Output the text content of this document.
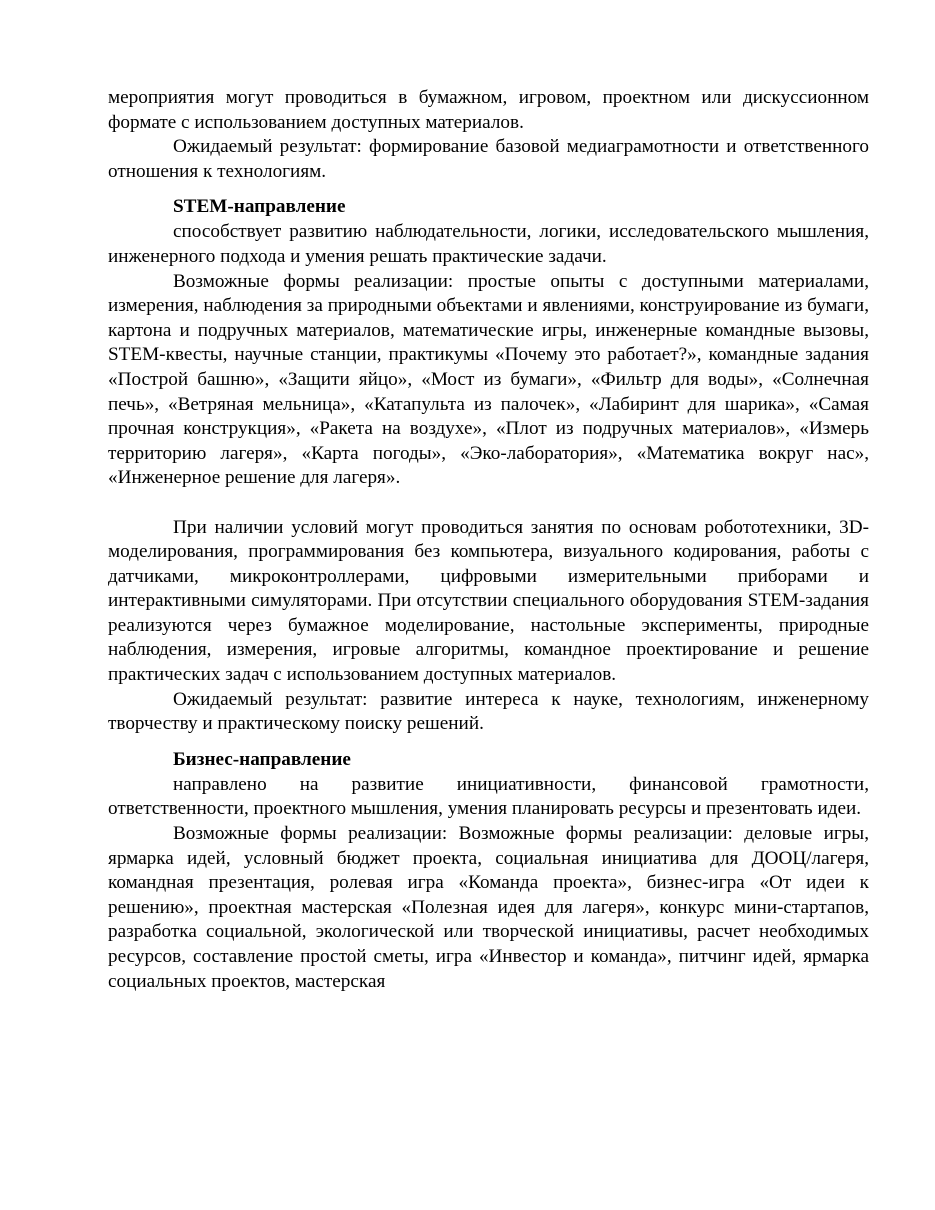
мероприятия могут проводиться в бумажном, игровом, проектном или дискуссионном формате с использованием доступных материалов.

Ожидаемый результат: формирование базовой медиаграмотности и ответственного отношения к технологиям.

STEM-направление

способствует развитию наблюдательности, логики, исследовательского мышления, инженерного подхода и умения решать практические задачи.

Возможные формы реализации: простые опыты с доступными материалами, измерения, наблюдения за природными объектами и явлениями, конструирование из бумаги, картона и подручных материалов, математические игры, инженерные командные вызовы, STEM-квесты, научные станции, практикумы «Почему это работает?», командные задания «Построй башню», «Защити яйцо», «Мост из бумаги», «Фильтр для воды», «Солнечная печь», «Ветряная мельница», «Катапульта из палочек», «Лабиринт для шарика», «Самая прочная конструкция», «Ракета на воздухе», «Плот из подручных материалов», «Измерь территорию лагеря», «Карта погоды», «Эко-лаборатория», «Математика вокруг нас», «Инженерное решение для лагеря».

При наличии условий могут проводиться занятия по основам робототехники, 3D-моделирования, программирования без компьютера, визуального кодирования, работы с датчиками, микроконтроллерами, цифровыми измерительными приборами и интерактивными симуляторами. При отсутствии специального оборудования STEM-задания реализуются через бумажное моделирование, настольные эксперименты, природные наблюдения, измерения, игровые алгоритмы, командное проектирование и решение практических задач с использованием доступных материалов.

Ожидаемый результат: развитие интереса к науке, технологиям, инженерному творчеству и практическому поиску решений.

Бизнес-направление

направлено на развитие инициативности, финансовой грамотности, ответственности, проектного мышления, умения планировать ресурсы и презентовать идеи.

Возможные формы реализации: Возможные формы реализации: деловые игры, ярмарка идей, условный бюджет проекта, социальная инициатива для ДООЦ/лагеря, командная презентация, ролевая игра «Команда проекта», бизнес-игра «От идеи к решению», проектная мастерская «Полезная идея для лагеря», конкурс мини-стартапов, разработка социальной, экологической или творческой инициативы, расчет необходимых ресурсов, составление простой сметы, игра «Инвестор и команда», питчинг идей, ярмарка социальных проектов, мастерская
